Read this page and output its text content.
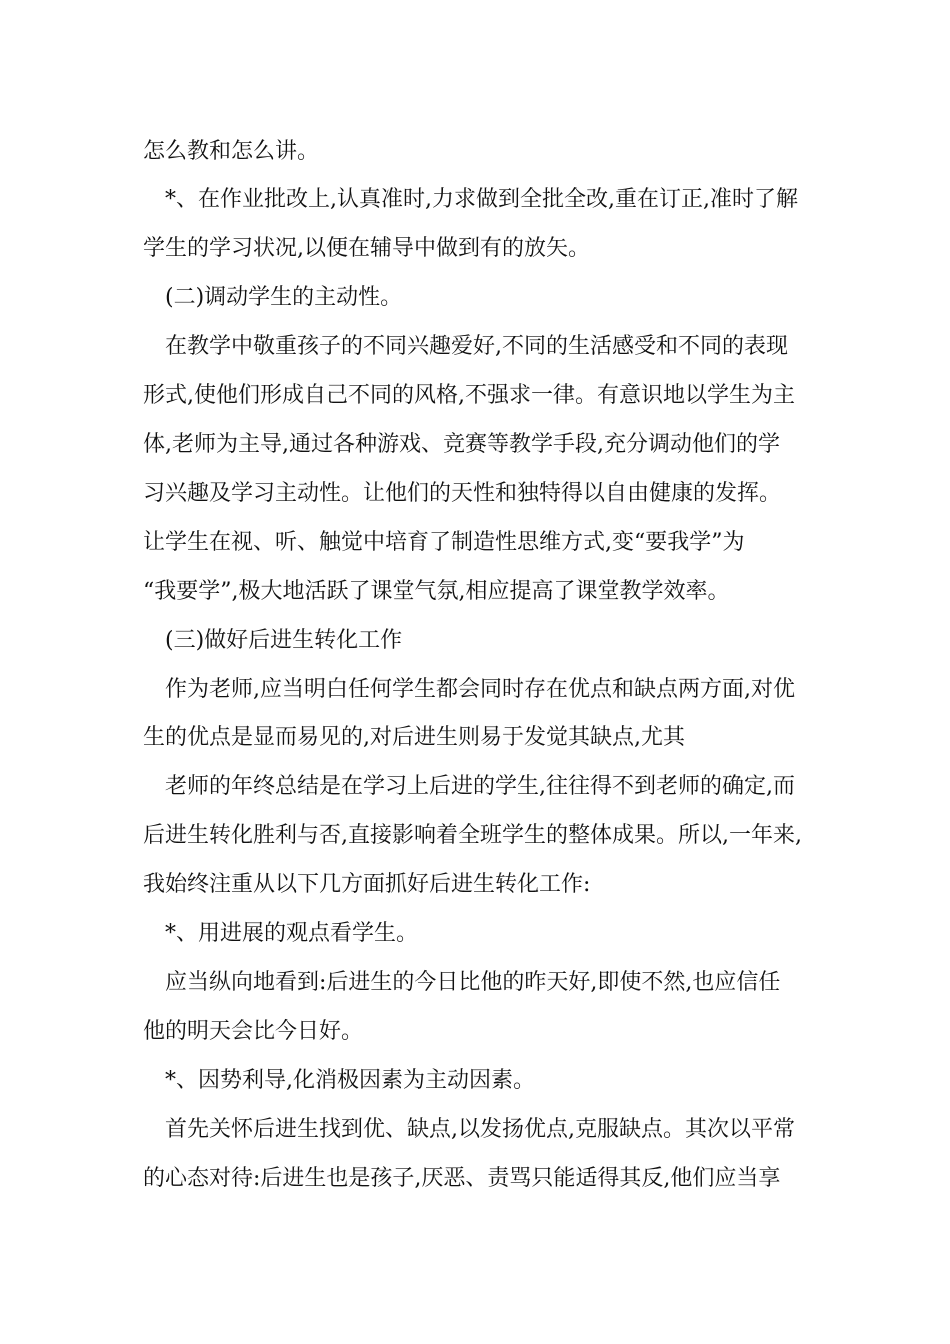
怎么教和怎么讲。
*、在作业批改上,认真准时,力求做到全批全改,重在订正,准时了解
学生的学习状况,以便在辅导中做到有的放矢。
(二)调动学生的主动性。
在教学中敬重孩子的不同兴趣爱好,不同的生活感受和不同的表现
形式,使他们形成自己不同的风格,不强求一律。有意识地以学生为主
体,老师为主导,通过各种游戏、竞赛等教学手段,充分调动他们的学
习兴趣及学习主动性。让他们的天性和独特得以自由健康的发挥。
让学生在视、听、触觉中培育了制造性思维方式,变“要我学”为
“我要学”,极大地活跃了课堂气氛,相应提高了课堂教学效率。
(三)做好后进生转化工作
作为老师,应当明白任何学生都会同时存在优点和缺点两方面,对优
生的优点是显而易见的,对后进生则易于发觉其缺点,尤其
老师的年终总结是在学习上后进的学生,往往得不到老师的确定,而
后进生转化胜利与否,直接影响着全班学生的整体成果。所以,一年来,
我始终注重从以下几方面抓好后进生转化工作:
*、用进展的观点看学生。
应当纵向地看到:后进生的今日比他的昨天好,即使不然,也应信任
他的明天会比今日好。
*、因势利导,化消极因素为主动因素。
首先关怀后进生找到优、缺点,以发扬优点,克服缺点。其次以平常
的心态对待:后进生也是孩子,厌恶、责骂只能适得其反,他们应当享
